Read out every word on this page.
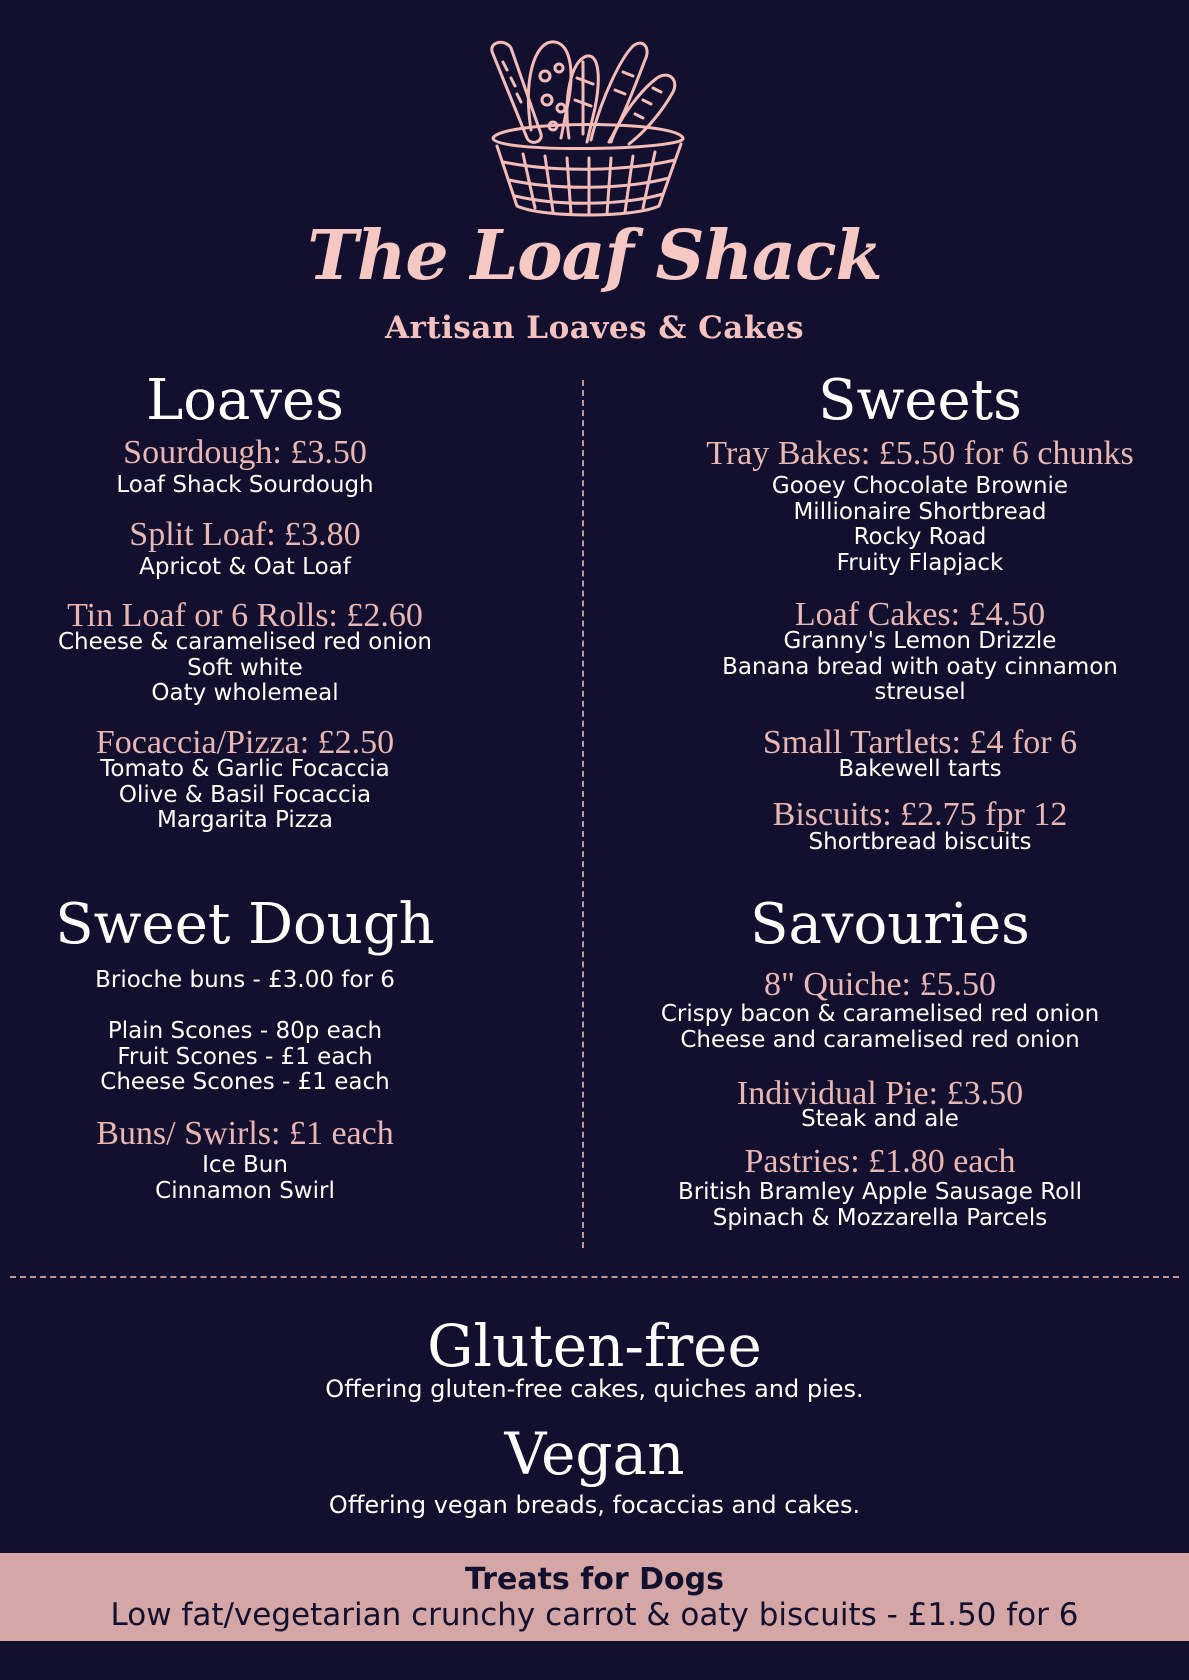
The Loaf Shack
Artisan Loaves & Cakes
Loaves
Sourdough: £3.50
Loaf Shack Sourdough
Split Loaf: £3.80
Apricot & Oat Loaf
Tin Loaf or 6 Rolls: £2.60
Cheese & caramelised red onion
Soft white
Oaty wholemeal
Focaccia/Pizza: £2.50
Tomato & Garlic Focaccia
Olive & Basil Focaccia
Margarita Pizza
Sweet Dough
Brioche buns - £3.00 for 6
Plain Scones - 80p each
Fruit Scones - £1 each
Cheese Scones - £1 each
Buns/ Swirls: £1 each
Ice Bun
Cinnamon Swirl
Sweets
Tray Bakes: £5.50 for 6 chunks
Gooey Chocolate Brownie
Millionaire Shortbread
Rocky Road
Fruity Flapjack
Loaf Cakes: £4.50
Granny's Lemon Drizzle
Banana bread with oaty cinnamon
streusel
Small Tartlets: £4 for 6
Bakewell tarts
Biscuits: £2.75 fpr 12
Shortbread biscuits
Savouries
8" Quiche: £5.50
Crispy bacon & caramelised red onion
Cheese and caramelised red onion
Individual Pie: £3.50
Steak and ale
Pastries: £1.80 each
British Bramley Apple Sausage Roll
Spinach & Mozzarella Parcels
Gluten-free
Offering gluten-free cakes, quiches and pies.
Vegan
Offering vegan breads, focaccias and cakes.
Treats for Dogs
Low fat/vegetarian crunchy carrot & oaty biscuits - £1.50 for 6
